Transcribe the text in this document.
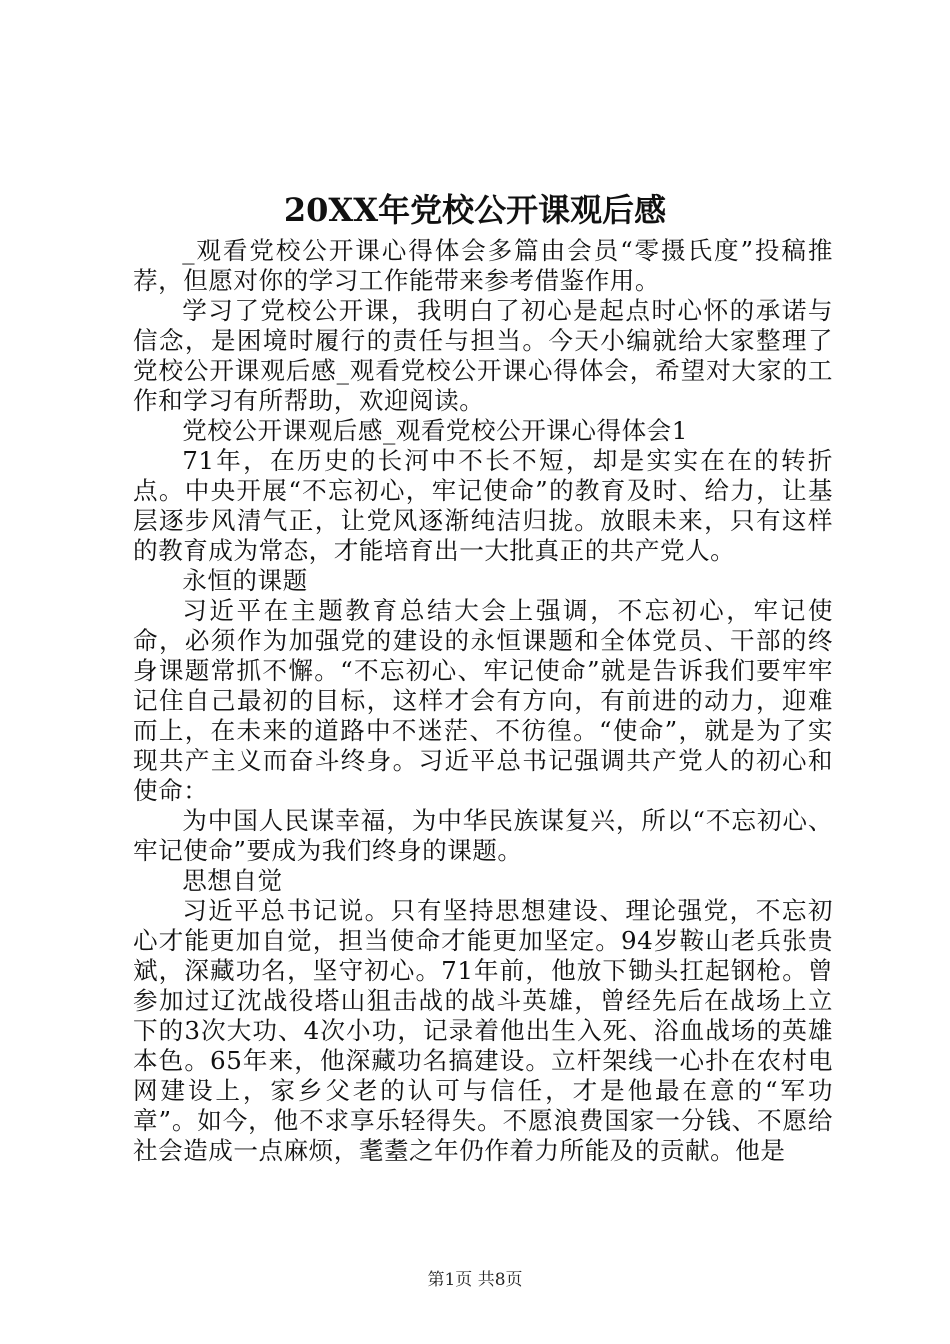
20XX年党校公开课观后感

_观看党校公开课心得体会多篇由会员“零摄氏度”投稿推荐，但愿对你的学习工作能带来参考借鉴作用。

学习了党校公开课，我明白了初心是起点时心怀的承诺与信念，是困境时履行的责任与担当。今天小编就给大家整理了党校公开课观后感_观看党校公开课心得体会，希望对大家的工作和学习有所帮助，欢迎阅读。

党校公开课观后感_观看党校公开课心得体会1

71年，在历史的长河中不长不短，却是实实在在的转折点。中央开展“不忘初心，牢记使命”的教育及时、给力，让基层逐步风清气正，让党风逐渐纯洁归拢。放眼未来，只有这样的教育成为常态，才能培育出一大批真正的共产党人。

永恒的课题

习近平在主题教育总结大会上强调，不忘初心，牢记使命，必须作为加强党的建设的永恒课题和全体党员、干部的终身课题常抓不懈。“不忘初心、牢记使命”就是告诉我们要牢牢记住自己最初的目标，这样才会有方向，有前进的动力，迎难而上，在未来的道路中不迷茫、不彷徨。“使命”，就是为了实现共产主义而奋斗终身。习近平总书记强调共产党人的初心和使命：

为中国人民谋幸福，为中华民族谋复兴，所以“不忘初心、牢记使命”要成为我们终身的课题。

思想自觉

习近平总书记说。只有坚持思想建设、理论强党，不忘初心才能更加自觉，担当使命才能更加坚定。94岁鞍山老兵张贵斌，深藏功名，坚守初心。71年前，他放下锄头扛起钢枪。曾参加过辽沈战役塔山狙击战的战斗英雄，曾经先后在战场上立下的3次大功、4次小功，记录着他出生入死、浴血战场的英雄本色。65年来，他深藏功名搞建设。立杆架线一心扑在农村电网建设上，家乡父老的认可与信任，才是他最在意的“军功章”。如今，他不求享乐轻得失。不愿浪费国家一分钱、不愿给社会造成一点麻烦，耄耋之年仍作着力所能及的贡献。他是

第1页 共8页
